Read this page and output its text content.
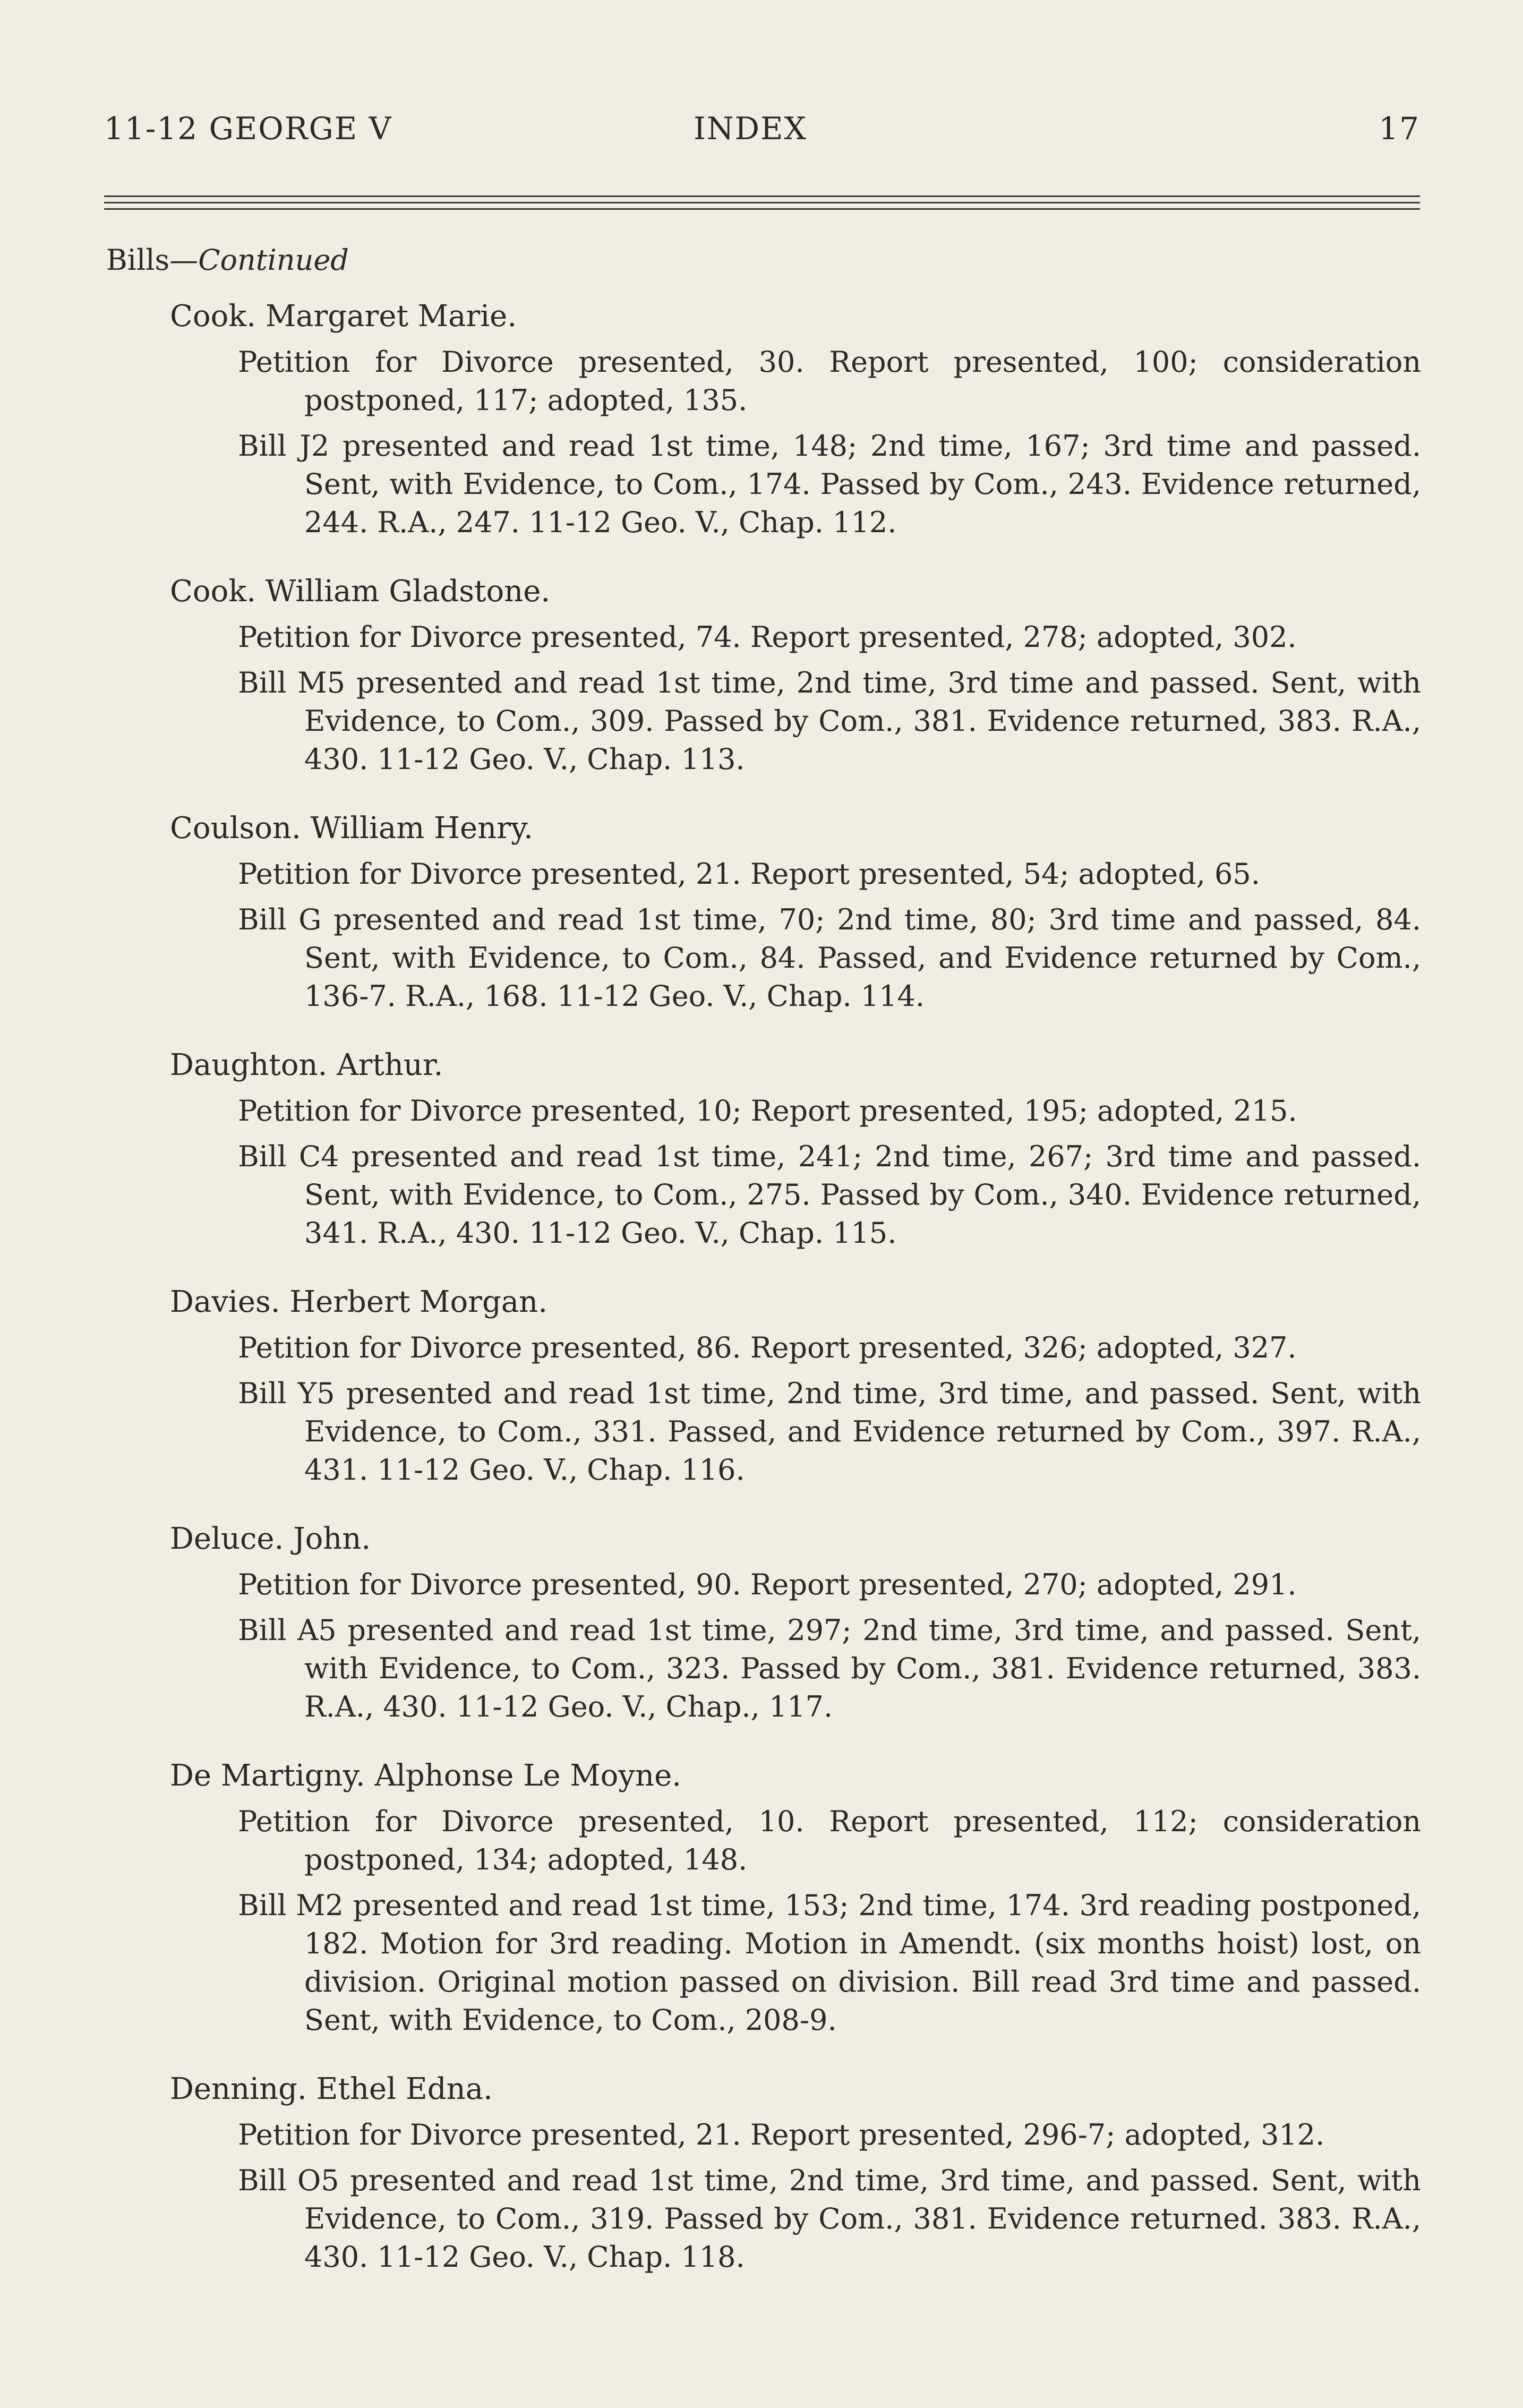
11-12 GEORGE V	INDEX	17
Bills—Continued
Cook. Margaret Marie.
Petition for Divorce presented, 30. Report presented, 100; consideration postponed, 117; adopted, 135.
Bill J2 presented and read 1st time, 148; 2nd time, 167; 3rd time and passed. Sent, with Evidence, to Com., 174. Passed by Com., 243. Evidence returned, 244. R.A., 247. 11-12 Geo. V., Chap. 112.
Cook. William Gladstone.
Petition for Divorce presented, 74. Report presented, 278; adopted, 302.
Bill M5 presented and read 1st time, 2nd time, 3rd time and passed. Sent, with Evidence, to Com., 309. Passed by Com., 381. Evidence returned, 383. R.A., 430. 11-12 Geo. V., Chap. 113.
Coulson. William Henry.
Petition for Divorce presented, 21. Report presented, 54; adopted, 65.
Bill G presented and read 1st time, 70; 2nd time, 80; 3rd time and passed, 84. Sent, with Evidence, to Com., 84. Passed, and Evidence returned by Com., 136-7. R.A., 168. 11-12 Geo. V., Chap. 114.
Daughton. Arthur.
Petition for Divorce presented, 10; Report presented, 195; adopted, 215.
Bill C4 presented and read 1st time, 241; 2nd time, 267; 3rd time and passed. Sent, with Evidence, to Com., 275. Passed by Com., 340. Evidence returned, 341. R.A., 430. 11-12 Geo. V., Chap. 115.
Davies. Herbert Morgan.
Petition for Divorce presented, 86. Report presented, 326; adopted, 327.
Bill Y5 presented and read 1st time, 2nd time, 3rd time, and passed. Sent, with Evidence, to Com., 331. Passed, and Evidence returned by Com., 397. R.A., 431. 11-12 Geo. V., Chap. 116.
Deluce. John.
Petition for Divorce presented, 90. Report presented, 270; adopted, 291.
Bill A5 presented and read 1st time, 297; 2nd time, 3rd time, and passed. Sent, with Evidence, to Com., 323. Passed by Com., 381. Evidence returned, 383. R.A., 430. 11-12 Geo. V., Chap., 117.
De Martigny. Alphonse Le Moyne.
Petition for Divorce presented, 10. Report presented, 112; consideration postponed, 134; adopted, 148.
Bill M2 presented and read 1st time, 153; 2nd time, 174. 3rd reading postponed, 182. Motion for 3rd reading. Motion in Amendt. (six months hoist) lost, on division. Original motion passed on division. Bill read 3rd time and passed. Sent, with Evidence, to Com., 208-9.
Denning. Ethel Edna.
Petition for Divorce presented, 21. Report presented, 296-7; adopted, 312.
Bill O5 presented and read 1st time, 2nd time, 3rd time, and passed. Sent, with Evidence, to Com., 319. Passed by Com., 381. Evidence returned. 383. R.A., 430. 11-12 Geo. V., Chap. 118.
